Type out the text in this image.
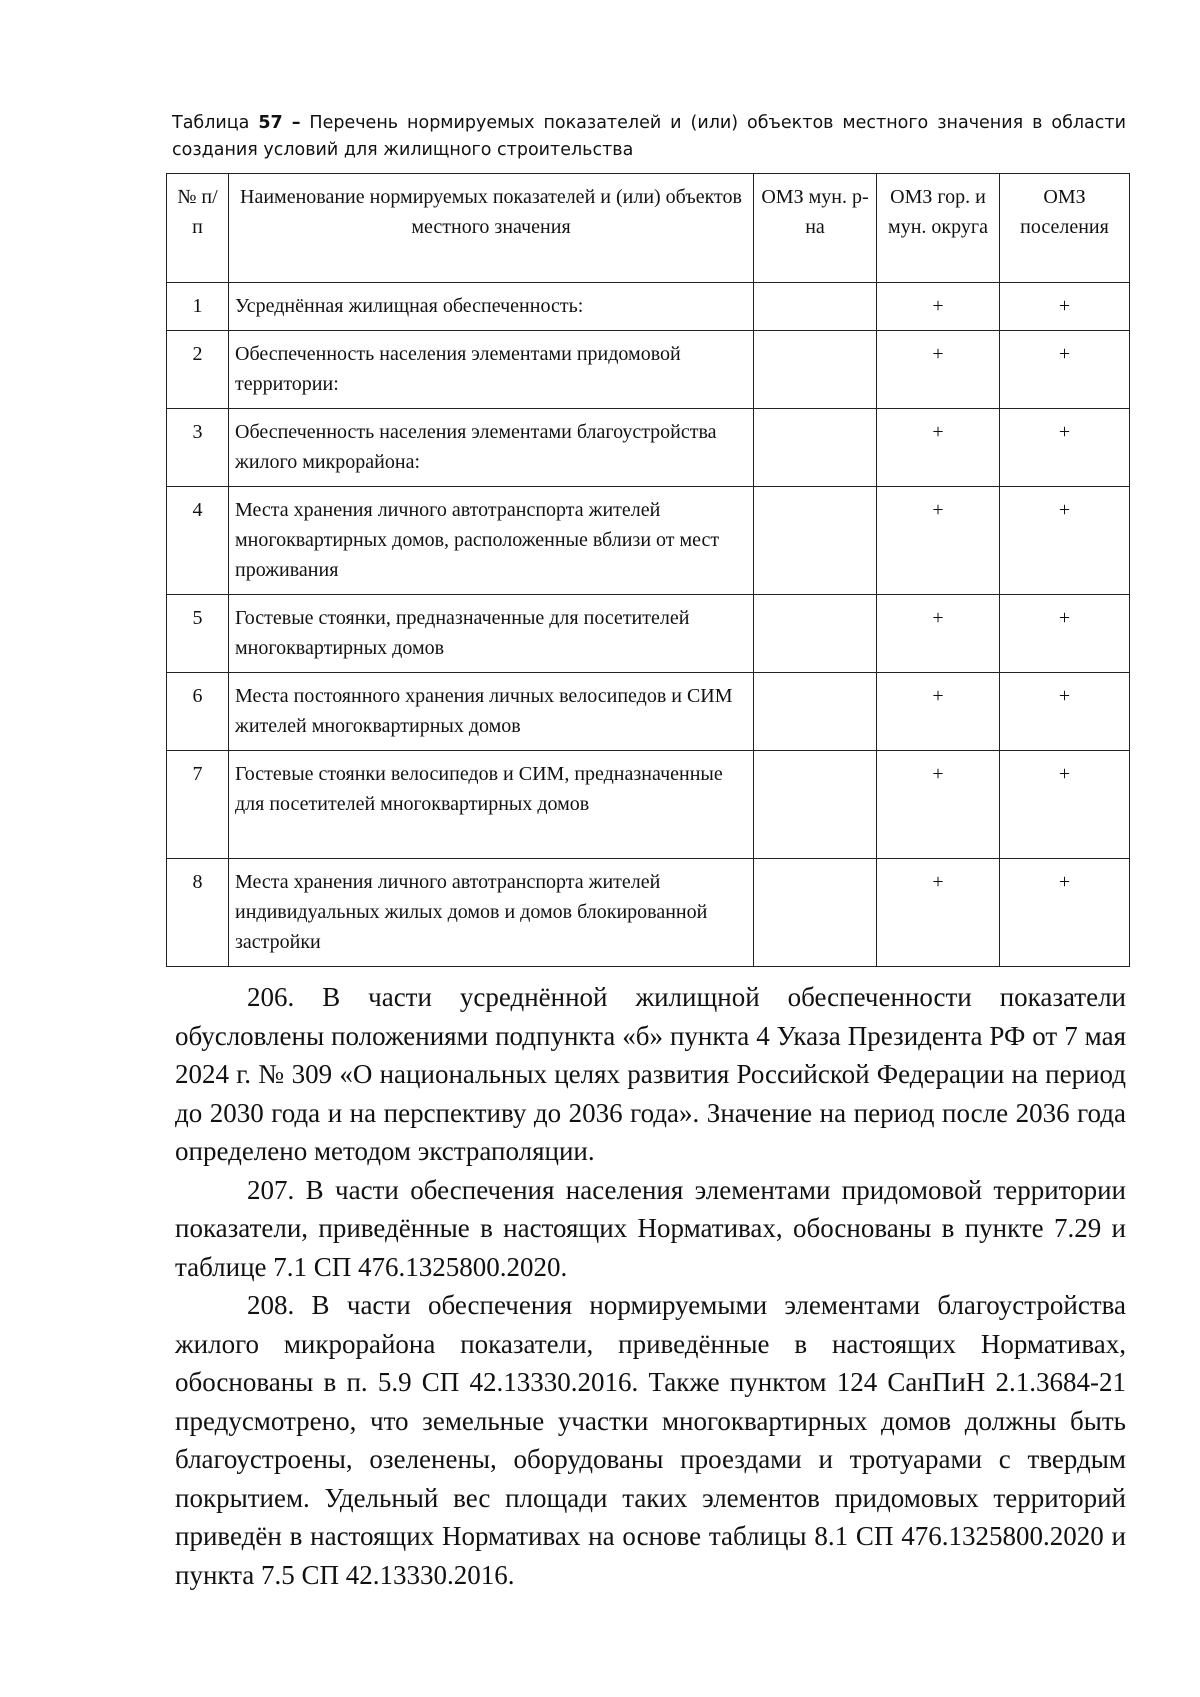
Таблица 57 – Перечень нормируемых показателей и (или) объектов местного значения в области создания условий для жилищного строительства
№ п/п	Наименование нормируемых показателей и (или) объектов местного значения	ОМЗ мун. р-на	ОМЗ гор. и мун. округа	ОМЗ поселения
1	Усреднённая жилищная обеспеченность:		+	+
2	Обеспеченность населения элементами придомовой территории:		+	+
3	Обеспеченность населения элементами благоустройства жилого микрорайона:		+	+
4	Места хранения личного автотранспорта жителей многоквартирных домов, расположенные вблизи от мест проживания		+	+
5	Гостевые стоянки, предназначенные для посетителей многоквартирных домов		+	+
6	Места постоянного хранения личных велосипедов и СИМ жителей многоквартирных домов		+	+
7	Гостевые стоянки велосипедов и СИМ, предназначенные для посетителей многоквартирных домов		+	+
8	Места хранения личного автотранспорта жителей индивидуальных жилых домов и домов блокированной застройки		+	+

206. В части усреднённой жилищной обеспеченности показатели обусловлены положениями подпункта «б» пункта 4 Указа Президента РФ от 7 мая 2024 г. № 309 «О национальных целях развития Российской Федерации на период до 2030 года и на перспективу до 2036 года». Значение на период после 2036 года определено методом экстраполяции.

207. В части обеспечения населения элементами придомовой территории показатели, приведённые в настоящих Нормативах, обоснованы в пункте 7.29 и таблице 7.1 СП 476.1325800.2020.

208. В части обеспечения нормируемыми элементами благоустройства жилого микрорайона показатели, приведённые в настоящих Нормативах, обоснованы в п. 5.9 СП 42.13330.2016. Также пунктом 124 СанПиН 2.1.3684-21 предусмотрено, что земельные участки многоквартирных домов должны быть благоустроены, озеленены, оборудованы проездами и тротуарами с твердым покрытием. Удельный вес площади таких элементов придомовых территорий приведён в настоящих Нормативах на основе таблицы 8.1 СП 476.1325800.2020 и пункта 7.5 СП 42.13330.2016.
